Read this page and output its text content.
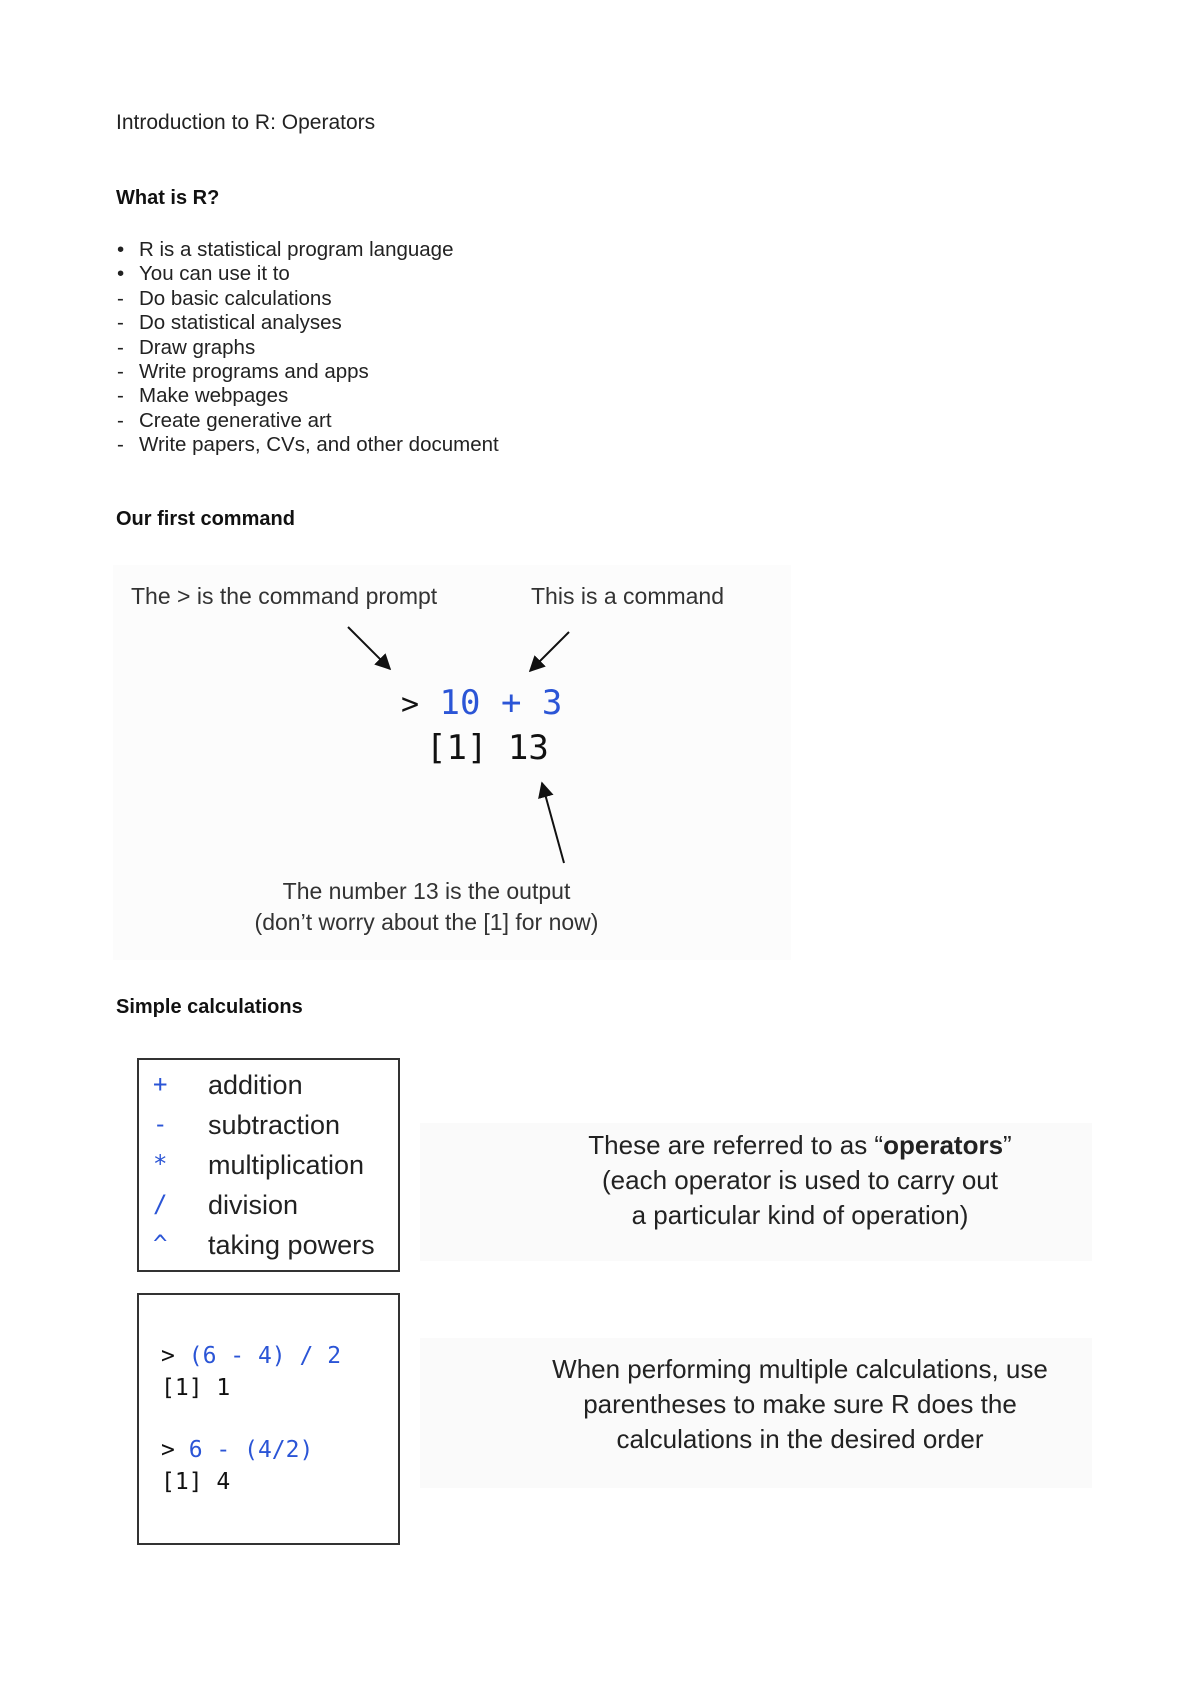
Introduction to R: Operators
What is R?
• R is a statistical program language
• You can use it to
- Do basic calculations
- Do statistical analyses
- Draw graphs
- Write programs and apps
- Make webpages
- Create generative art
- Write papers, CVs, and other document
Our first command
The > is the command prompt	This is a command
> 10 + 3
[1] 13
The number 13 is the output
(don’t worry about the [1] for now)
Simple calculations
+	addition
-	subtraction
*	multiplication
/	division
^	taking powers
These are referred to as “operators”
(each operator is used to carry out
a particular kind of operation)
> (6 - 4) / 2
[1] 1
> 6 - (4/2)
[1] 4
When performing multiple calculations, use
parentheses to make sure R does the
calculations in the desired order
